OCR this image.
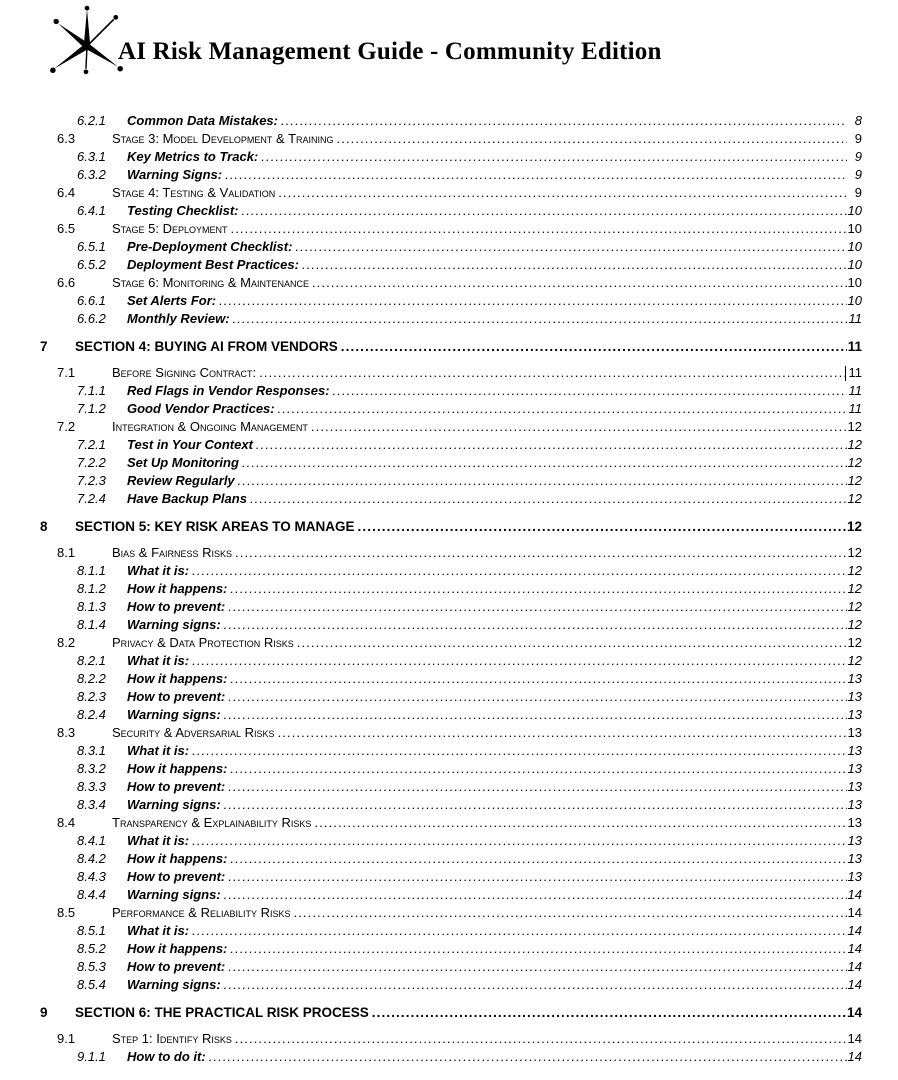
AI Risk Management Guide - Community Edition
6.2.1	Common Data Mistakes: .....	8
6.3	Stage 3: Model Development & Training .....	9
6.3.1	Key Metrics to Track: .....	9
6.3.2	Warning Signs: .....	9
6.4	Stage 4: Testing & Validation .....	9
6.4.1	Testing Checklist: .....	10
6.5	Stage 5: Deployment .....	10
6.5.1	Pre-Deployment Checklist: .....	10
6.5.2	Deployment Best Practices: .....	10
6.6	Stage 6: Monitoring & Maintenance .....	10
6.6.1	Set Alerts For: .....	10
6.6.2	Monthly Review: .....	11
7	SECTION 4: BUYING AI FROM VENDORS .....	11
7.1	Before Signing Contract: .....	11
7.1.1	Red Flags in Vendor Responses: .....	11
7.1.2	Good Vendor Practices: .....	11
7.2	Integration & Ongoing Management .....	12
7.2.1	Test in Your Context .....	12
7.2.2	Set Up Monitoring .....	12
7.2.3	Review Regularly .....	12
7.2.4	Have Backup Plans .....	12
8	SECTION 5: KEY RISK AREAS TO MANAGE .....	12
8.1	Bias & Fairness Risks .....	12
8.1.1	What it is: .....	12
8.1.2	How it happens: .....	12
8.1.3	How to prevent: .....	12
8.1.4	Warning signs: .....	12
8.2	Privacy & Data Protection Risks .....	12
8.2.1	What it is: .....	12
8.2.2	How it happens: .....	13
8.2.3	How to prevent: .....	13
8.2.4	Warning signs: .....	13
8.3	Security & Adversarial Risks .....	13
8.3.1	What it is: .....	13
8.3.2	How it happens: .....	13
8.3.3	How to prevent: .....	13
8.3.4	Warning signs: .....	13
8.4	Transparency & Explainability Risks .....	13
8.4.1	What it is: .....	13
8.4.2	How it happens: .....	13
8.4.3	How to prevent: .....	13
8.4.4	Warning signs: .....	14
8.5	Performance & Reliability Risks .....	14
8.5.1	What it is: .....	14
8.5.2	How it happens: .....	14
8.5.3	How to prevent: .....	14
8.5.4	Warning signs: .....	14
9	SECTION 6: THE PRACTICAL RISK PROCESS .....	14
9.1	Step 1: Identify Risks .....	14
9.1.1	How to do it: .....	14
